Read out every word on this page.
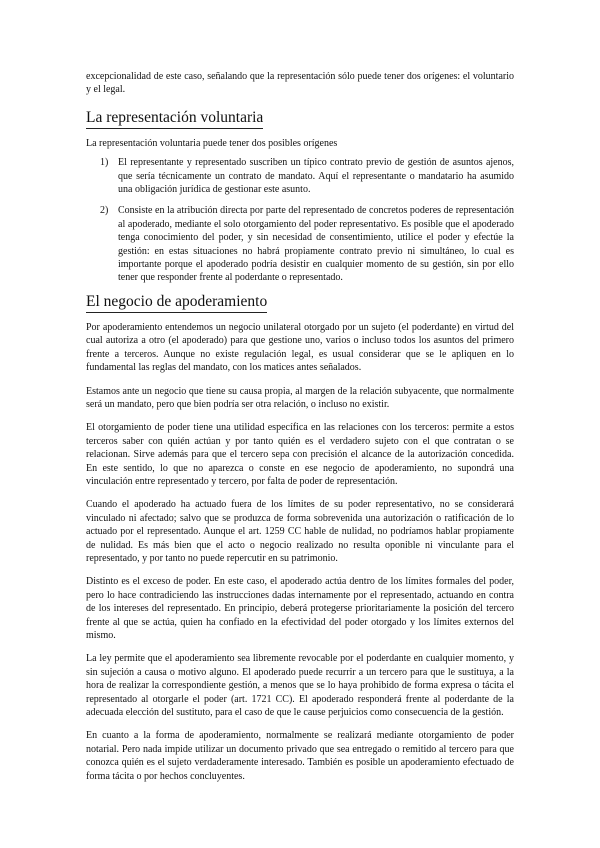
excepcionalidad de este caso, señalando que la representación sólo puede tener dos orígenes: el voluntario y el legal.

La representación voluntaria

La representación voluntaria puede tener dos posibles orígenes

1) El representante y representado suscriben un típico contrato previo de gestión de asuntos ajenos, que sería técnicamente un contrato de mandato. Aquí el representante o mandatario ha asumido una obligación jurídica de gestionar este asunto.

2) Consiste en la atribución directa por parte del representado de concretos poderes de representación al apoderado, mediante el solo otorgamiento del poder representativo. Es posible que el apoderado tenga conocimiento del poder, y sin necesidad de consentimiento, utilice el poder y efectúe la gestión: en estas situaciones no habrá propiamente contrato previo ni simultáneo, lo cual es importante porque el apoderado podría desistir en cualquier momento de su gestión, sin por ello tener que responder frente al poderdante o representado.

El negocio de apoderamiento

Por apoderamiento entendemos un negocio unilateral otorgado por un sujeto (el poderdante) en virtud del cual autoriza a otro (el apoderado) para que gestione uno, varios o incluso todos los asuntos del primero frente a terceros. Aunque no existe regulación legal, es usual considerar que se le apliquen en lo fundamental las reglas del mandato, con los matices antes señalados.

Estamos ante un negocio que tiene su causa propia, al margen de la relación subyacente, que normalmente será un mandato, pero que bien podría ser otra relación, o incluso no existir.

El otorgamiento de poder tiene una utilidad específica en las relaciones con los terceros: permite a estos terceros saber con quién actúan y por tanto quién es el verdadero sujeto con el que contratan o se relacionan. Sirve además para que el tercero sepa con precisión el alcance de la autorización concedida. En este sentido, lo que no aparezca o conste en ese negocio de apoderamiento, no supondrá una vinculación entre representado y tercero, por falta de poder de representación.

Cuando el apoderado ha actuado fuera de los límites de su poder representativo, no se considerará vinculado ni afectado; salvo que se produzca de forma sobrevenida una autorización o ratificación de lo actuado por el representado. Aunque el art. 1259 CC hable de nulidad, no podríamos hablar propiamente de nulidad. Es más bien que el acto o negocio realizado no resulta oponible ni vinculante para el representado, y por tanto no puede repercutir en su patrimonio.

Distinto es el exceso de poder. En este caso, el apoderado actúa dentro de los límites formales del poder, pero lo hace contradiciendo las instrucciones dadas internamente por el representado, actuando en contra de los intereses del representado. En principio, deberá protegerse prioritariamente la posición del tercero frente al que se actúa, quien ha confiado en la efectividad del poder otorgado y los límites externos del mismo.

La ley permite que el apoderamiento sea libremente revocable por el poderdante en cualquier momento, y sin sujeción a causa o motivo alguno. El apoderado puede recurrir a un tercero para que le sustituya, a la hora de realizar la correspondiente gestión, a menos que se lo haya prohibido de forma expresa o tácita el representado al otorgarle el poder (art. 1721 CC). El apoderado responderá frente al poderdante de la adecuada elección del sustituto, para el caso de que le cause perjuicios como consecuencia de la gestión.

En cuanto a la forma de apoderamiento, normalmente se realizará mediante otorgamiento de poder notarial. Pero nada impide utilizar un documento privado que sea entregado o remitido al tercero para que conozca quién es el sujeto verdaderamente interesado. También es posible un apoderamiento efectuado de forma tácita o por hechos concluyentes.
